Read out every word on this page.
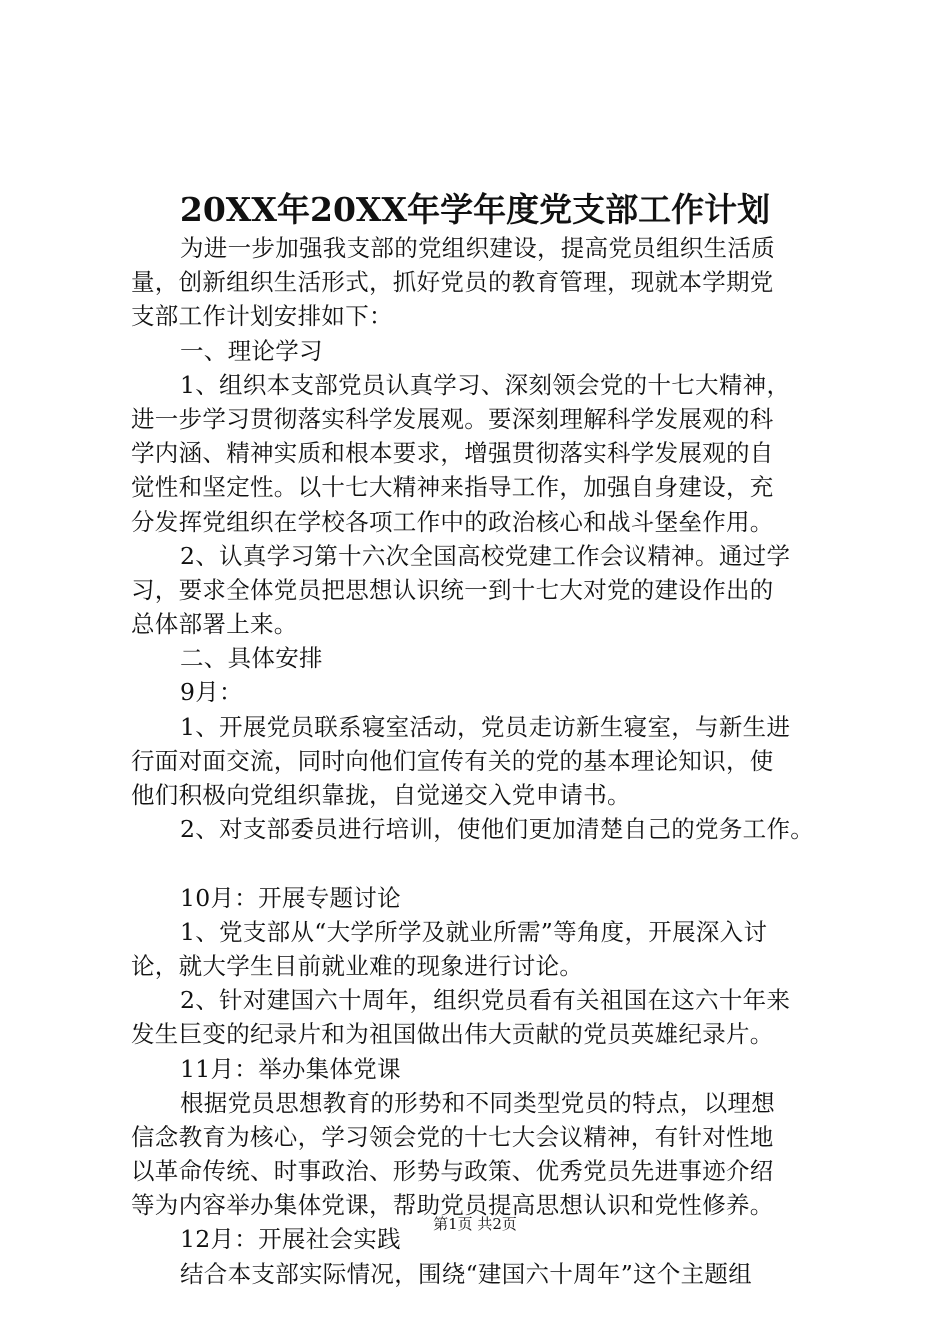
20XX年20XX年学年度党支部工作计划
为进一步加强我支部的党组织建设，提高党员组织生活质
量，创新组织生活形式，抓好党员的教育管理，现就本学期党
支部工作计划安排如下：
一、理论学习
1、组织本支部党员认真学习、深刻领会党的十七大精神，
进一步学习贯彻落实科学发展观。要深刻理解科学发展观的科
学内涵、精神实质和根本要求，增强贯彻落实科学发展观的自
觉性和坚定性。以十七大精神来指导工作，加强自身建设，充
分发挥党组织在学校各项工作中的政治核心和战斗堡垒作用。
2、认真学习第十六次全国高校党建工作会议精神。通过学
习，要求全体党员把思想认识统一到十七大对党的建设作出的
总体部署上来。
二、具体安排
9月：
1、开展党员联系寝室活动，党员走访新生寝室，与新生进
行面对面交流，同时向他们宣传有关的党的基本理论知识，使
他们积极向党组织靠拢，自觉递交入党申请书。
2、对支部委员进行培训，使他们更加清楚自己的党务工作。
10月：开展专题讨论
1、党支部从“大学所学及就业所需”等角度，开展深入讨
论，就大学生目前就业难的现象进行讨论。
2、针对建国六十周年，组织党员看有关祖国在这六十年来
发生巨变的纪录片和为祖国做出伟大贡献的党员英雄纪录片。
11月：举办集体党课
根据党员思想教育的形势和不同类型党员的特点，以理想
信念教育为核心，学习领会党的十七大会议精神，有针对性地
以革命传统、时事政治、形势与政策、优秀党员先进事迹介绍
等为内容举办集体党课，帮助党员提高思想认识和党性修养。
12月：开展社会实践
结合本支部实际情况，围绕“建国六十周年”这个主题组
第1页 共2页
